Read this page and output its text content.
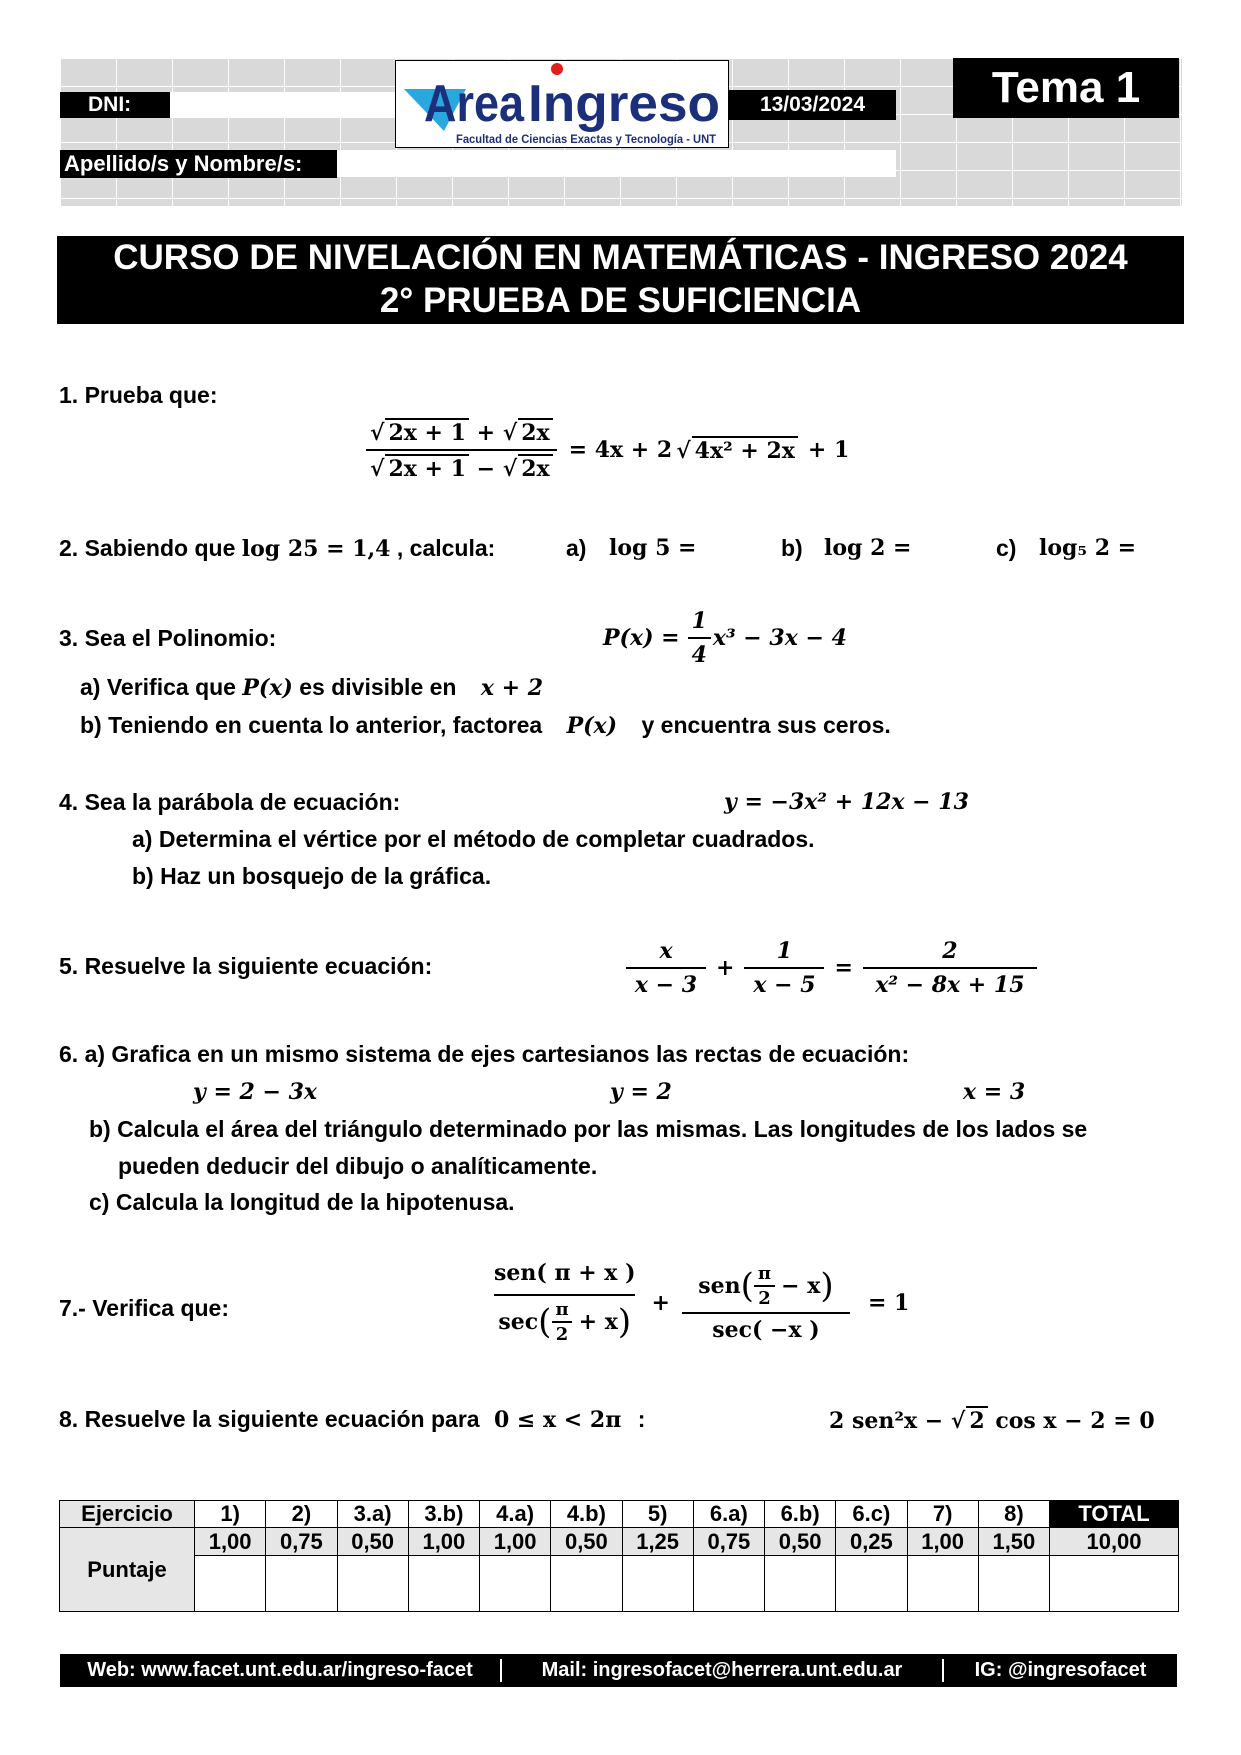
DNI:	Area Ingreso
Facultad de Ciencias Exactas y Tecnología - UNT
13/03/2024	Tema 1
Apellido/s y Nombre/s:
CURSO DE NIVELACIÓN EN MATEMÁTICAS - INGRESO 2024
2° PRUEBA DE SUFICIENCIA
1. Prueba que:
$\frac{√ 2x + 1 + √ 2x}{√ 2x + 1 - √ 2x} = 4x + 2$ √ 4x² + 2x + 1
2. Sabiendo que log 25 = 1,4 , calcula:	a) log 5 =	b) log 2 =	c) log₅ 2 =
3. Sea el Polinomio:	$P(x) = \frac{1}{4} x^3 - 3x - 4$
a) Verifica que P(x) es divisible en x + 2
b) Teniendo en cuenta lo anterior, factorea P(x) y encuentra sus ceros.
4. Sea la parábola de ecuación:	y = −3x² + 12x − 13
a) Determina el vértice por el método de completar cuadrados.
b) Haz un bosquejo de la gráfica.
5. Resuelve la siguiente ecuación:	$\frac{x}{x - 3} + \frac{1}{x - 5} = \frac{2}{\text{x² − 8x + 15}}$
6. a) Grafica en un mismo sistema de ejes cartesianos las rectas de ecuación:
y = 2 − 3x	y = 2	x = 3
b) Calcula el área del triángulo determinado por las mismas. Las longitudes de los lados se
pueden deducir del dibujo o analíticamente.
c) Calcula la longitud de la hipotenusa.
7.- Verifica que:	$\frac{\text{sen( π + x )}}{\sec ( \frac{\pi}{2} + x )} + \frac{sen ( \frac{\pi}{2} - x )}{\sec( -x )} = 1$
8. Resuelve la siguiente ecuación para 0 ≤ x < 2π :	2 sen²x − √ 2 cos x − 2 = 0
Ejercicio	1)	2)	3.a)	3.b)	4.a)	4.b)	5)	6.a)	6.b)	6.c)	7)	8)	TOTAL
Puntaje	1,00	0,75	0,50	1,00	1,00	0,50	1,25	0,75	0,50	0,25	1,00	1,50	10,00

Web: www.facet.unt.edu.ar/ingreso-facet	Mail: ingresofacet@herrera.unt.edu.ar	IG: @ingresofacet
